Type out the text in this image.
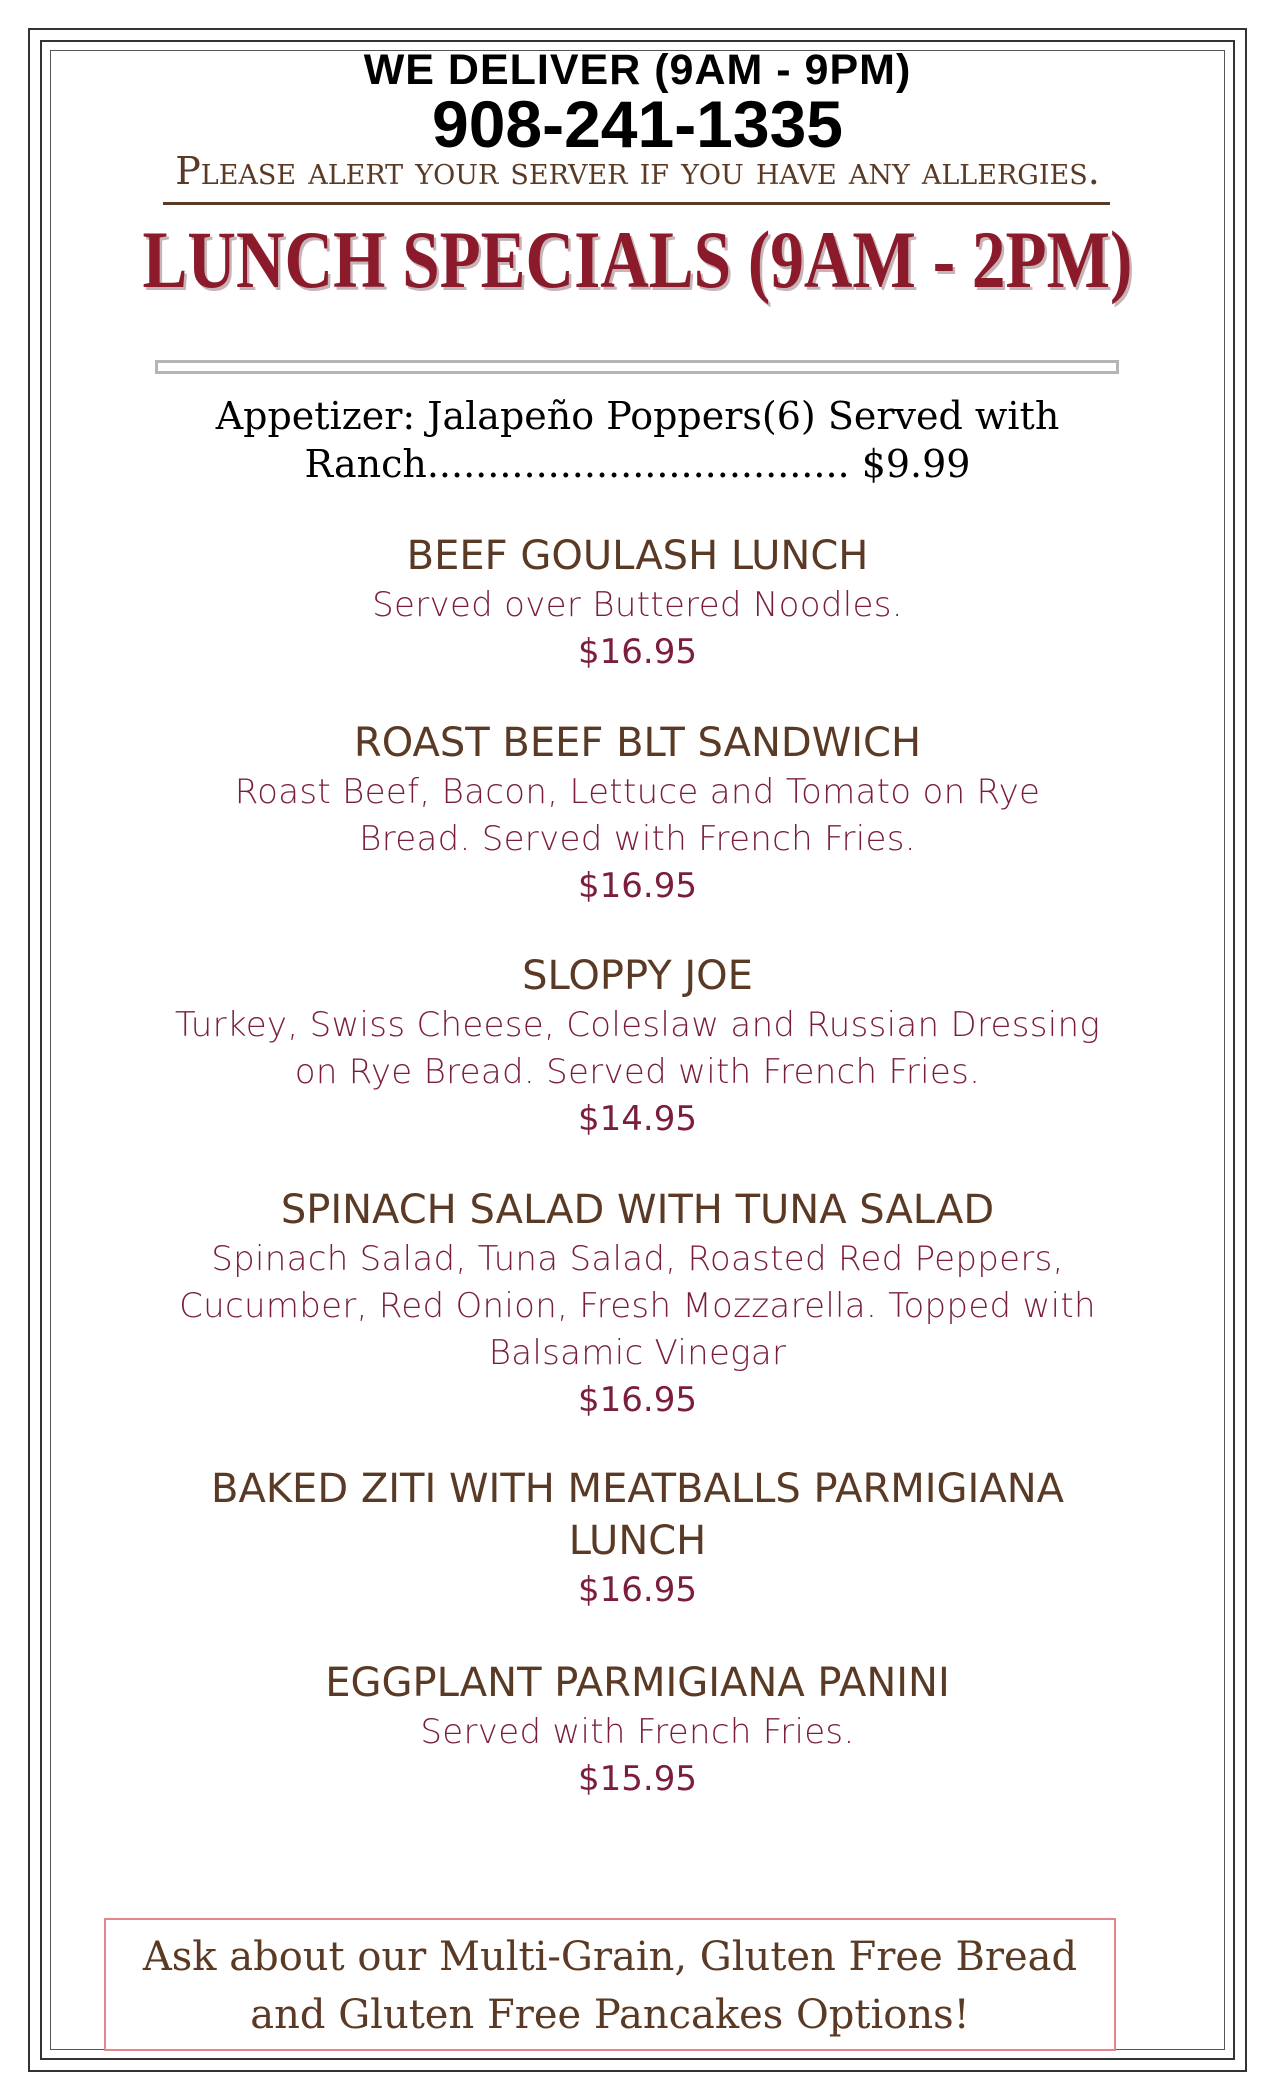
WE DELIVER (9AM - 9PM)
908-241-1335
Please alert your server if you have any allergies.
LUNCH SPECIALS (9AM - 2PM)
Appetizer: Jalapeño Poppers(6) Served with Ranch................................... $9.99
BEEF GOULASH LUNCH
Served over Buttered Noodles.
$16.95
ROAST BEEF BLT SANDWICH
Roast Beef, Bacon, Lettuce and Tomato on Rye Bread. Served with French Fries.
$16.95
SLOPPY JOE
Turkey, Swiss Cheese, Coleslaw and Russian Dressing on Rye Bread. Served with French Fries.
$14.95
SPINACH SALAD WITH TUNA SALAD
Spinach Salad, Tuna Salad, Roasted Red Peppers, Cucumber, Red Onion, Fresh Mozzarella. Topped with Balsamic Vinegar
$16.95
BAKED ZITI WITH MEATBALLS PARMIGIANA LUNCH
$16.95
EGGPLANT PARMIGIANA PANINI
Served with French Fries.
$15.95
Ask about our Multi-Grain, Gluten Free Bread and Gluten Free Pancakes Options!
